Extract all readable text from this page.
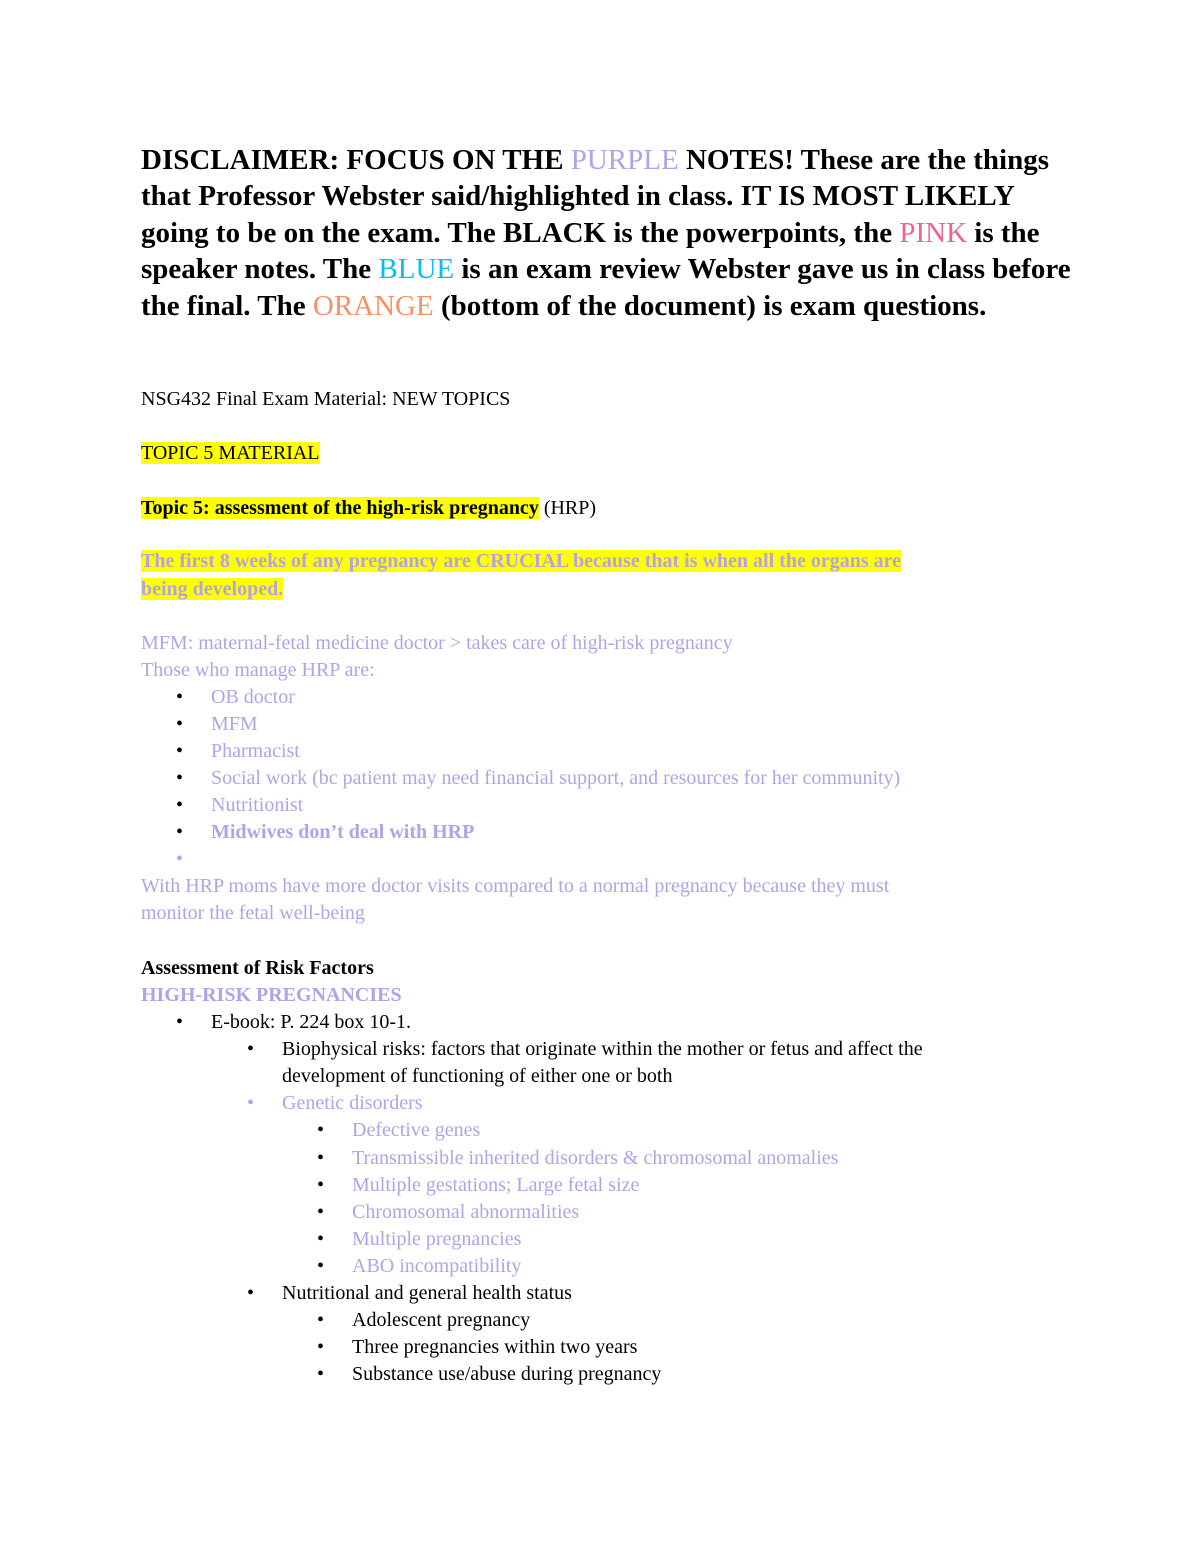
DISCLAIMER: FOCUS ON THE PURPLE NOTES! These are the things that Professor Webster said/highlighted in class. IT IS MOST LIKELY going to be on the exam. The BLACK is the powerpoints, the PINK is the speaker notes. The BLUE is an exam review Webster gave us in class before the final. The ORANGE (bottom of the document) is exam questions.
NSG432 Final Exam Material: NEW TOPICS
TOPIC 5 MATERIAL
Topic 5: assessment of the high-risk pregnancy (HRP)
The first 8 weeks of any pregnancy are CRUCIAL because that is when all the organs are
being developed.
MFM: maternal-fetal medicine doctor > takes care of high-risk pregnancy
Those who manage HRP are:
• OB doctor
• MFM
• Pharmacist
• Social work (bc patient may need financial support, and resources for her community)
• Nutritionist
• Midwives don’t deal with HRP
•
With HRP moms have more doctor visits compared to a normal pregnancy because they must
monitor the fetal well-being
Assessment of Risk Factors
HIGH-RISK PREGNANCIES
• E-book: P. 224 box 10-1.
• Biophysical risks: factors that originate within the mother or fetus and affect the
development of functioning of either one or both
• Genetic disorders
• Defective genes
• Transmissible inherited disorders & chromosomal anomalies
• Multiple gestations; Large fetal size
• Chromosomal abnormalities
• Multiple pregnancies
• ABO incompatibility
• Nutritional and general health status
• Adolescent pregnancy
• Three pregnancies within two years
• Substance use/abuse during pregnancy
